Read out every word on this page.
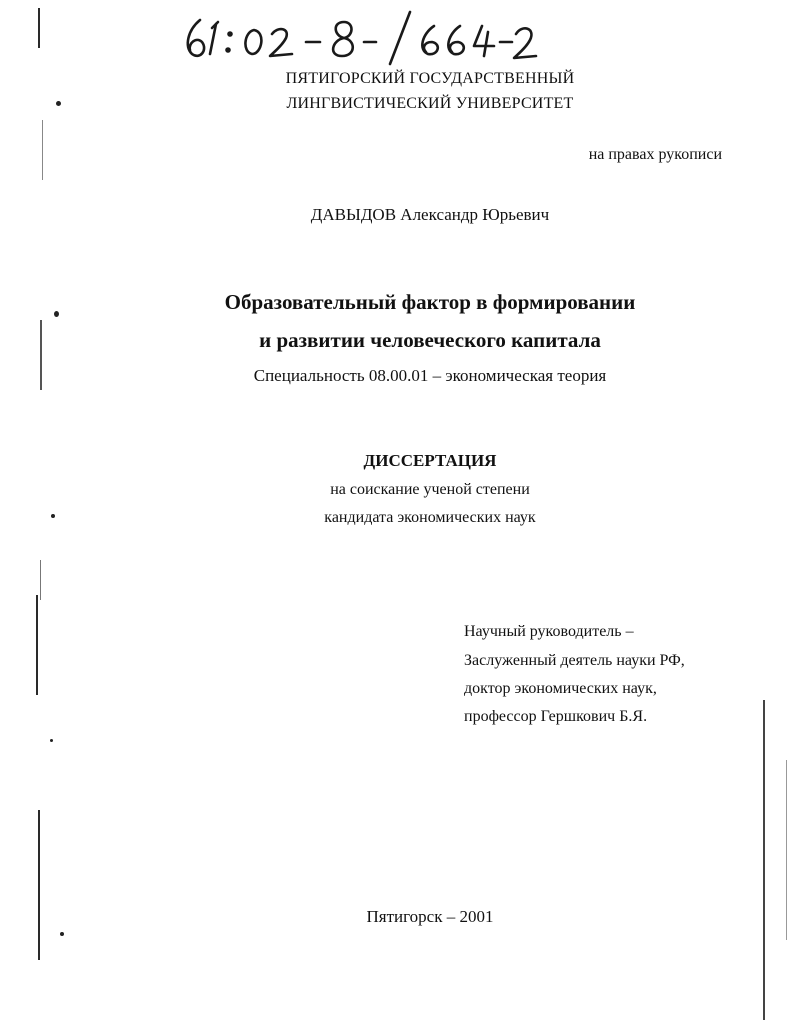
ПЯТИГОРСКИЙ ГОСУДАРСТВЕННЫЙ
ЛИНГВИСТИЧЕСКИЙ УНИВЕРСИТЕТ
на правах рукописи
ДАВЫДОВ Александр Юрьевич
Образовательный фактор в формировании
и развитии человеческого капитала
Специальность 08.00.01 – экономическая теория
ДИССЕРТАЦИЯ
на соискание ученой степени
кандидата экономических наук
Научный руководитель –
Заслуженный деятель науки РФ,
доктор экономических наук,
профессор Гершкович Б.Я.
Пятигорск – 2001
